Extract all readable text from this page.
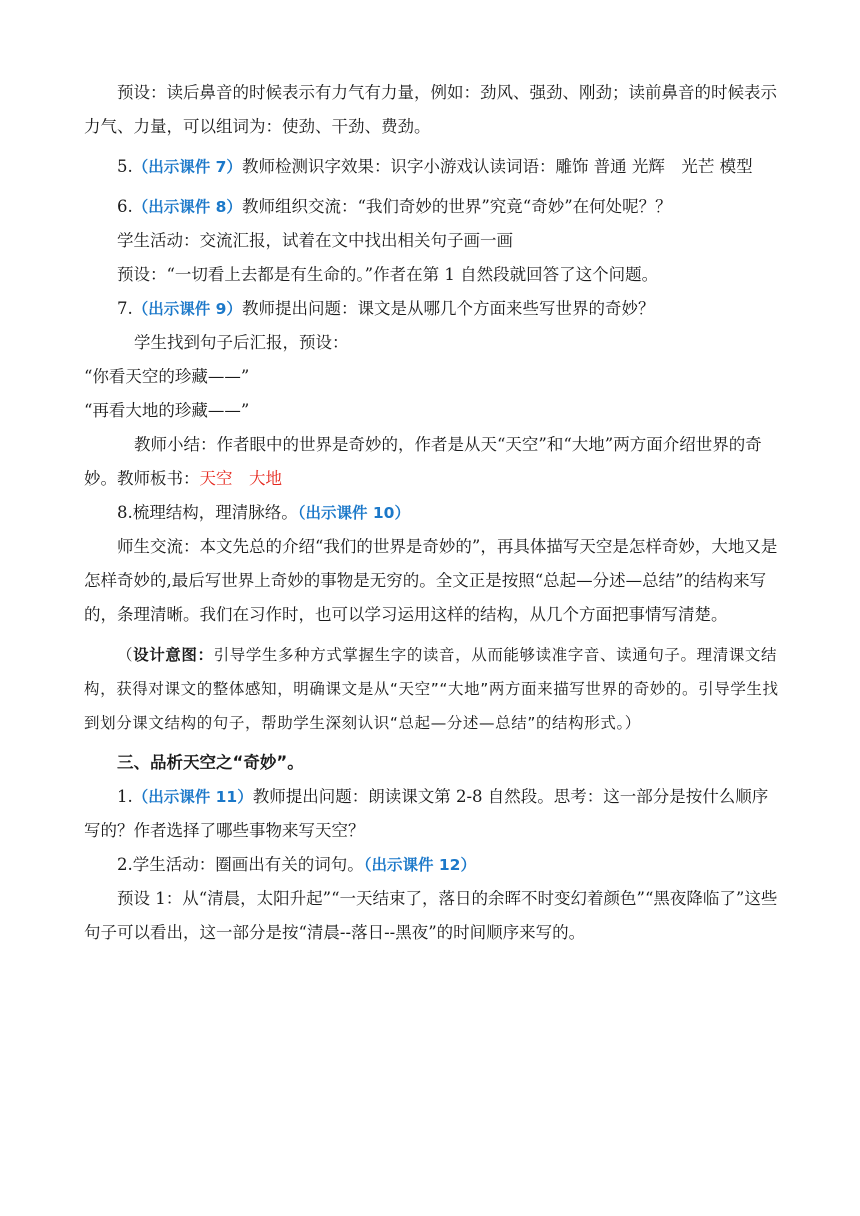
预设：读后鼻音的时候表示有力气有力量，例如：劲风、强劲、刚劲；读前鼻音的时候表示力气、力量，可以组词为：使劲、干劲、费劲。

5.（出示课件 7）教师检测识字效果：识字小游戏认读词语：雕饰 普通 光辉　光芒 模型

6.（出示课件 8）教师组织交流：“我们奇妙的世界”究竟“奇妙”在何处呢？？

学生活动：交流汇报，试着在文中找出相关句子画一画

预设：“一切看上去都是有生命的。”作者在第 1 自然段就回答了这个问题。

7.（出示课件 9）教师提出问题：课文是从哪几个方面来些写世界的奇妙？

学生找到句子后汇报，预设：

“你看天空的珍藏——”

“再看大地的珍藏——”

教师小结：作者眼中的世界是奇妙的，作者是从天“天空”和“大地”两方面介绍世界的奇妙。教师板书：天空　 大地

8.梳理结构，理清脉络。（出示课件 10）

师生交流：本文先总的介绍“我们的世界是奇妙的”，再具体描写天空是怎样奇妙，大地又是怎样奇妙的,最后写世界上奇妙的事物是无穷的。全文正是按照“总起—分述—总结”的结构来写的，条理清晰。我们在习作时，也可以学习运用这样的结构，从几个方面把事情写清楚。

（设计意图：引导学生多种方式掌握生字的读音，从而能够读准字音、读通句子。理清课文结构，获得对课文的整体感知，明确课文是从“天空”“大地”两方面来描写世界的奇妙的。引导学生找到划分课文结构的句子，帮助学生深刻认识“总起—分述—总结”的结构形式。）

三、品析天空之“奇妙”。

1.（出示课件 11）教师提出问题：朗读课文第 2-8 自然段。思考：这一部分是按什么顺序写的？作者选择了哪些事物来写天空？

2.学生活动：圈画出有关的词句。（出示课件 12）

预设 1：从“清晨，太阳升起”“一天结束了，落日的余晖不时变幻着颜色”“黑夜降临了”这些句子可以看出，这一部分是按“清晨--落日--黑夜”的时间顺序来写的。
